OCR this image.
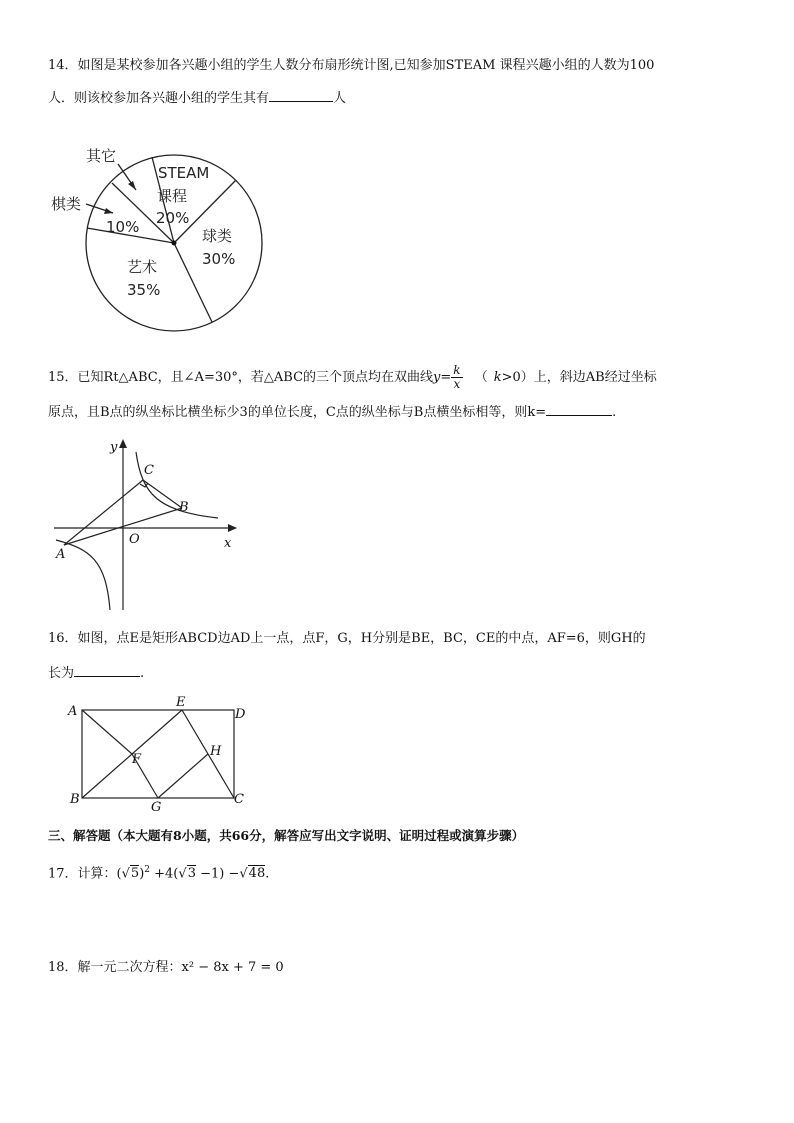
14．如图是某校参加各兴趣小组的学生人数分布扇形统计图,已知参加STEAM 课程兴趣小组的人数为100
人．则该校参加各兴趣小组的学生其有	人
其它
棋类
10%
STEAM
课程
20%
球类
30%
艺术
35%
15．已知Rt△ABC，且∠A=30°，若△ABC的三个顶点均在双曲线$y= \frac{k}{x}$ （ k>0）上，斜边AB经过坐标
原点，且B点的纵坐标比横坐标少3的单位长度，C点的纵坐标与B点横坐标相等，则k=	.
y
x
O
A
B
C
16．如图，点E是矩形ABCD边AD上一点，点F，G，H分别是BE，BC，CE的中点，AF=6，则GH的
长为	.
A
E
D
H
F
B
G
C
三、解答题（本大题有8小题，共66分，解答应写出文字说明、证明过程或演算步骤）
17．计算：$(√5)^2 +4(√3 -1) -√48$.
18．解一元二次方程：x² − 8x + 7 = 0
